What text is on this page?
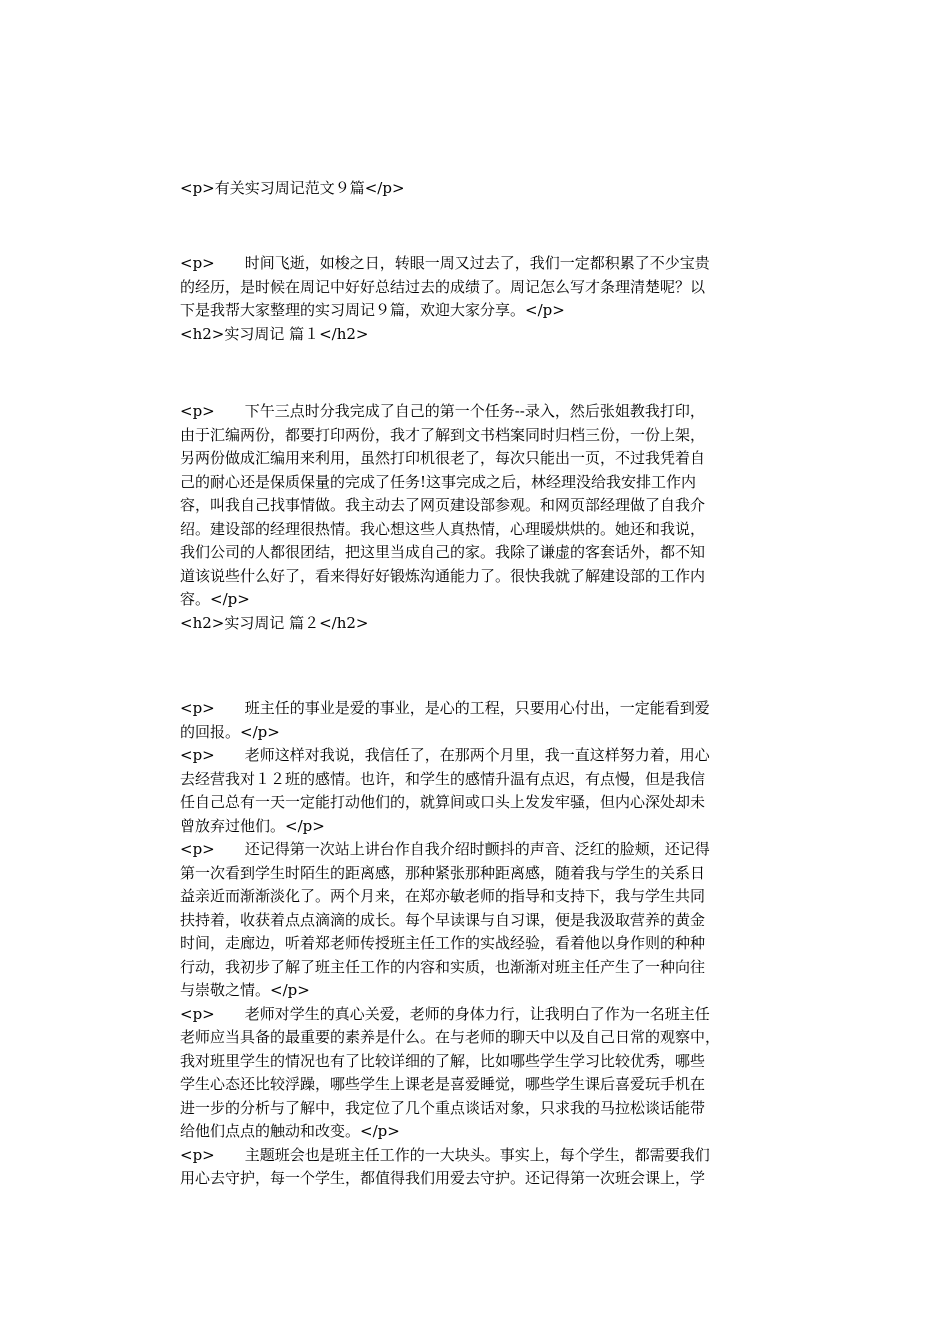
<p>有关实习周记范文９篇</p>
<p>　　时间飞逝，如梭之日，转眼一周又过去了，我们一定都积累了不少宝贵
的经历，是时候在周记中好好总结过去的成绩了。周记怎么写才条理清楚呢？以
下是我帮大家整理的实习周记９篇，欢迎大家分享。</p>
<h2>实习周记 篇１</h2>
<p>　　下午三点时分我完成了自己的第一个任务--录入，然后张姐教我打印，
由于汇编两份，都要打印两份，我才了解到文书档案同时归档三份，一份上架，
另两份做成汇编用来利用，虽然打印机很老了，每次只能出一页，不过我凭着自
己的耐心还是保质保量的完成了任务!这事完成之后，林经理没给我安排工作内
容，叫我自己找事情做。我主动去了网页建设部参观。和网页部经理做了自我介
绍。建设部的经理很热情。我心想这些人真热情，心理暖烘烘的。她还和我说，
我们公司的人都很团结，把这里当成自己的家。我除了谦虚的客套话外，都不知
道该说些什么好了，看来得好好锻炼沟通能力了。很快我就了解建设部的工作内
容。</p>
<h2>实习周记 篇２</h2>
<p>　　班主任的事业是爱的事业，是心的工程，只要用心付出，一定能看到爱
的回报。</p>
<p>　　老师这样对我说，我信任了，在那两个月里，我一直这样努力着，用心
去经营我对１２班的感情。也许，和学生的感情升温有点迟，有点慢，但是我信
任自己总有一天一定能打动他们的，就算间或口头上发发牢骚，但内心深处却未
曾放弃过他们。</p>
<p>　　还记得第一次站上讲台作自我介绍时颤抖的声音、泛红的脸颊，还记得
第一次看到学生时陌生的距离感，那种紧张那种距离感，随着我与学生的关系日
益亲近而渐渐淡化了。两个月来，在郑亦敏老师的指导和支持下，我与学生共同
扶持着，收获着点点滴滴的成长。每个早读课与自习课，便是我汲取营养的黄金
时间，走廊边，听着郑老师传授班主任工作的实战经验，看着他以身作则的种种
行动，我初步了解了班主任工作的内容和实质，也渐渐对班主任产生了一种向往
与崇敬之情。</p>
<p>　　老师对学生的真心关爱，老师的身体力行，让我明白了作为一名班主任
老师应当具备的最重要的素养是什么。在与老师的聊天中以及自己日常的观察中，
我对班里学生的情况也有了比较详细的了解，比如哪些学生学习比较优秀，哪些
学生心态还比较浮躁，哪些学生上课老是喜爱睡觉，哪些学生课后喜爱玩手机在
进一步的分析与了解中，我定位了几个重点谈话对象，只求我的马拉松谈话能带
给他们点点的触动和改变。</p>
<p>　　主题班会也是班主任工作的一大块头。事实上，每个学生，都需要我们
用心去守护，每一个学生，都值得我们用爱去守护。还记得第一次班会课上，学
